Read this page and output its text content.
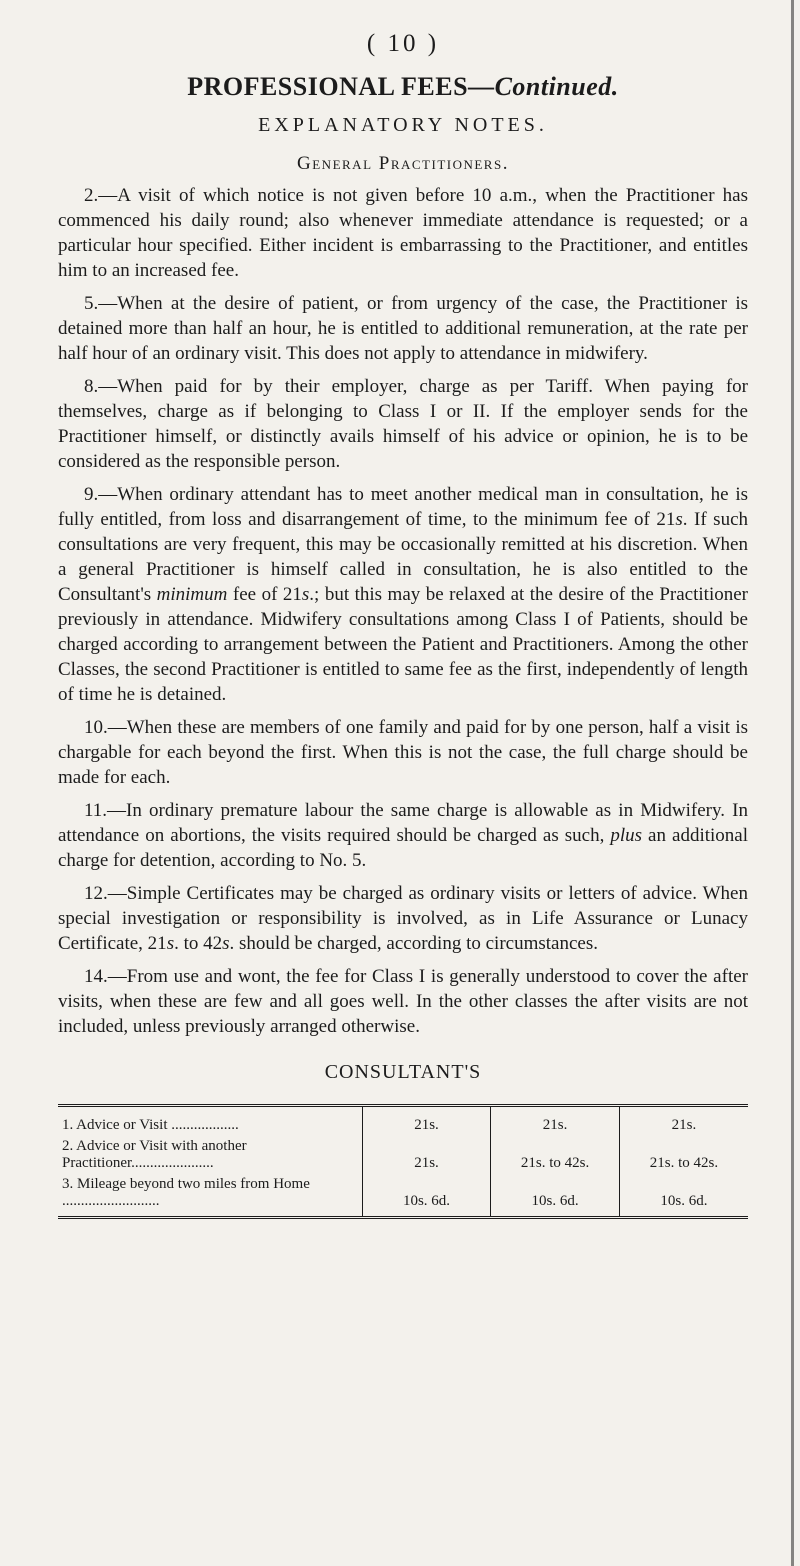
( 10 )
PROFESSIONAL FEES—Continued.
EXPLANATORY NOTES.
General Practitioners.

2.—A visit of which notice is not given before 10 a.m., when the Practitioner has commenced his daily round; also whenever immediate attendance is requested; or a particular hour specified. Either incident is embarrassing to the Practitioner, and entitles him to an increased fee.

5.—When at the desire of patient, or from urgency of the case, the Practitioner is detained more than half an hour, he is entitled to additional remuneration, at the rate per half hour of an ordinary visit. This does not apply to attendance in midwifery.

8.—When paid for by their employer, charge as per Tariff. When paying for themselves, charge as if belonging to Class I or II. If the employer sends for the Practitioner himself, or distinctly avails himself of his advice or opinion, he is to be considered as the responsible person.

9.—When ordinary attendant has to meet another medical man in consultation, he is fully entitled, from loss and disarrangement of time, to the minimum fee of 21s. If such consultations are very frequent, this may be occasionally remitted at his discretion. When a general Practitioner is himself called in consultation, he is also entitled to the Consultant's minimum fee of 21s.; but this may be relaxed at the desire of the Practitioner previously in attendance. Midwifery consultations among Class I of Patients, should be charged according to arrangement between the Patient and Practitioners. Among the other Classes, the second Practitioner is entitled to same fee as the first, independently of length of time he is detained.

10.—When these are members of one family and paid for by one person, half a visit is chargable for each beyond the first. When this is not the case, the full charge should be made for each.

11.—In ordinary premature labour the same charge is allowable as in Midwifery. In attendance on abortions, the visits required should be charged as such, plus an additional charge for detention, according to No. 5.

12.—Simple Certificates may be charged as ordinary visits or letters of advice. When special investigation or responsibility is involved, as in Life Assurance or Lunacy Certificate, 21s. to 42s. should be charged, according to circumstances.

14.—From use and wont, the fee for Class I is generally understood to cover the after visits, when these are few and all goes well. In the other classes the after visits are not included, unless previously arranged otherwise.

CONSULTANT'S
1. Advice or Visit ..................	21s.	21s.	21s.
2. Advice or Visit with another Practitioner......................	21s.	21s. to 42s.	21s. to 42s.
3. Mileage beyond two miles from Home ..........................	10s. 6d.	10s. 6d.	10s. 6d.
